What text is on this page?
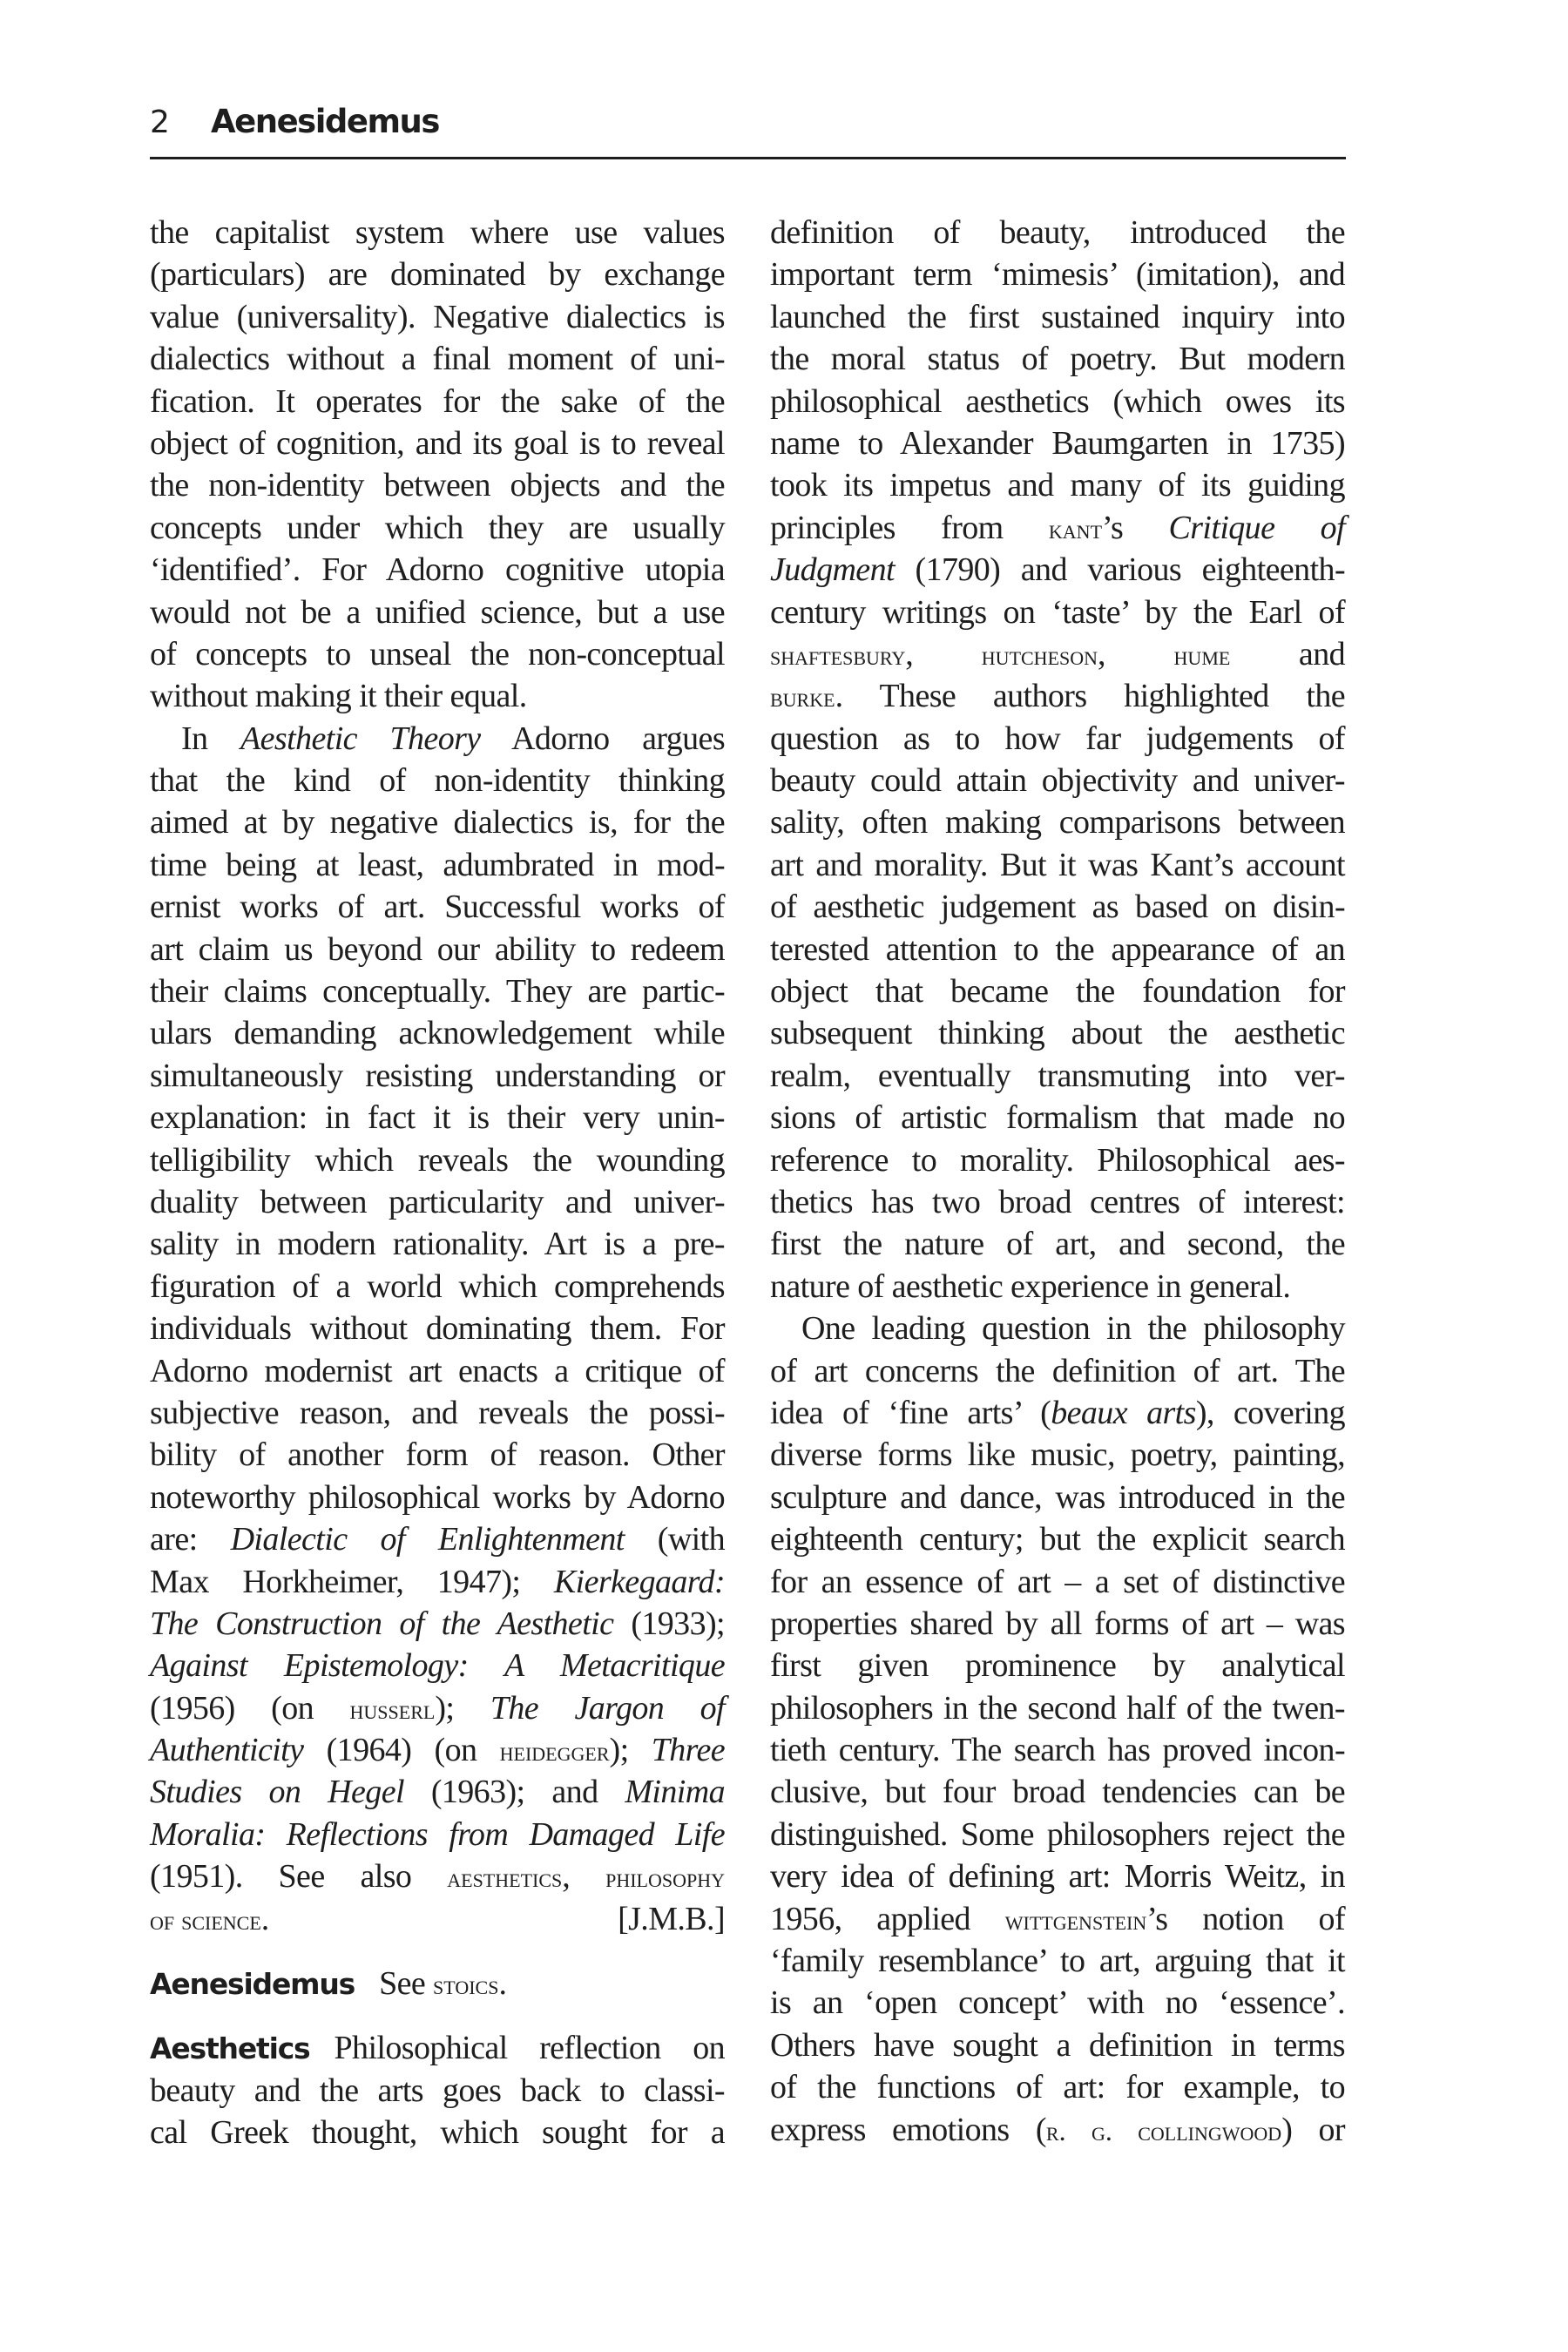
2 Aenesidemus
the capitalist system where use values
(particulars) are dominated by exchange
value (universality). Negative dialectics is
dialectics without a final moment of uni-
fication. It operates for the sake of the
object of cognition, and its goal is to reveal
the non-identity between objects and the
concepts under which they are usually
‘identified’. For Adorno cognitive utopia
would not be a unified science, but a use
of concepts to unseal the non-conceptual
without making it their equal.
In Aesthetic Theory Adorno argues
that the kind of non-identity thinking
aimed at by negative dialectics is, for the
time being at least, adumbrated in mod-
ernist works of art. Successful works of
art claim us beyond our ability to redeem
their claims conceptually. They are partic-
ulars demanding acknowledgement while
simultaneously resisting understanding or
explanation: in fact it is their very unin-
telligibility which reveals the wounding
duality between particularity and univer-
sality in modern rationality. Art is a pre-
figuration of a world which comprehends
individuals without dominating them. For
Adorno modernist art enacts a critique of
subjective reason, and reveals the possi-
bility of another form of reason. Other
noteworthy philosophical works by Adorno
are: Dialectic of Enlightenment (with
Max Horkheimer, 1947); Kierkegaard:
The Construction of the Aesthetic (1933);
Against Epistemology: A Metacritique
(1956) (on husserl); The Jargon of
Authenticity (1964) (on heidegger); Three
Studies on Hegel (1963); and Minima
Moralia: Reflections from Damaged Life
(1951). See also aesthetics, philosophy
of science.	[J.M.B.]
Aenesidemus See stoics.
Aesthetics Philosophical reflection on
beauty and the arts goes back to classi-
cal Greek thought, which sought for a
definition of beauty, introduced the
important term ‘mimesis’ (imitation), and
launched the first sustained inquiry into
the moral status of poetry. But modern
philosophical aesthetics (which owes its
name to Alexander Baumgarten in 1735)
took its impetus and many of its guiding
principles from kant’s Critique of
Judgment (1790) and various eighteenth-
century writings on ‘taste’ by the Earl of
shaftesbury, hutcheson, hume and
burke. These authors highlighted the
question as to how far judgements of
beauty could attain objectivity and univer-
sality, often making comparisons between
art and morality. But it was Kant’s account
of aesthetic judgement as based on disin-
terested attention to the appearance of an
object that became the foundation for
subsequent thinking about the aesthetic
realm, eventually transmuting into ver-
sions of artistic formalism that made no
reference to morality. Philosophical aes-
thetics has two broad centres of interest:
first the nature of art, and second, the
nature of aesthetic experience in general.
One leading question in the philosophy
of art concerns the definition of art. The
idea of ‘fine arts’ (beaux arts), covering
diverse forms like music, poetry, painting,
sculpture and dance, was introduced in the
eighteenth century; but the explicit search
for an essence of art – a set of distinctive
properties shared by all forms of art – was
first given prominence by analytical
philosophers in the second half of the twen-
tieth century. The search has proved incon-
clusive, but four broad tendencies can be
distinguished. Some philosophers reject the
very idea of defining art: Morris Weitz, in
1956, applied wittgenstein’s notion of
‘family resemblance’ to art, arguing that it
is an ‘open concept’ with no ‘essence’.
Others have sought a definition in terms
of the functions of art: for example, to
express emotions (r. g. collingwood) or
